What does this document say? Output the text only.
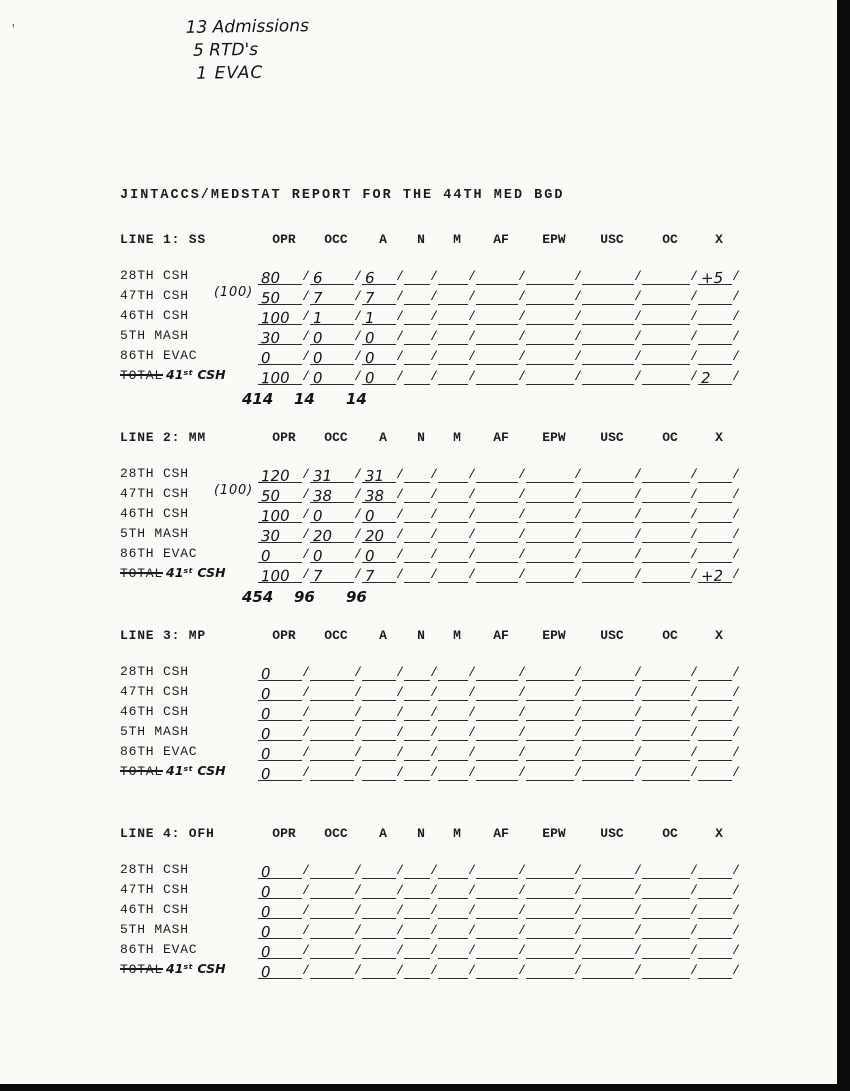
'	13 Admissions
5 RTD's
1 EVAC
JINTACCS/MEDSTAT REPORT FOR THE 44TH MED BGD
LINE 1: SS	OPR	OCC	A	N	M	AF	EPW	USC	OC	X
28TH CSH	80 / 6 / 6 / / /	/	/	/	/ +5 /
47TH CSH (100) 50 / 7 / 7 / / /	/	/	/	/	/
46TH CSH	100 / 1 / 1 / / /	/	/	/	/	/
5TH MASH	30 / 0 / 0 / / /	/	/	/	/	/
86TH EVAC	0 / 0 / 0 / / /	/	/	/	/	/
TOTAL 41ˢᵗ CSH	100 / 0 / 0 / / /	/	/	/	/ 2 /
414	14	14
LINE 2: MM	OPR	OCC	A	N	M	AF	EPW	USC	OC	X
28TH CSH	120 / 31 / 31 / / /	/	/	/	/	/
47TH CSH (100) 50 / 38 / 38 / / /	/	/	/	/	/
46TH CSH	100 / 0 / 0 / / /	/	/	/	/	/
5TH MASH	30 / 20 / 20 / / /	/	/	/	/	/
86TH EVAC	0 / 0 / 0 / / /	/	/	/	/	/
TOTAL 41ˢᵗ CSH	100 / 7 / 7 / / /	/	/	/	/ +2 /
454	96	96
LINE 3: MP	OPR	OCC	A	N	M	AF	EPW	USC	OC	X
28TH CSH	0 /	/	/ / /	/	/	/	/	/
47TH CSH	0 /	/	/ / /	/	/	/	/	/
46TH CSH	0 /	/	/ / /	/	/	/	/	/
5TH MASH	0 /	/	/ / /	/	/	/	/	/
86TH EVAC	0 /	/	/ / /	/	/	/	/	/
TOTAL 41ˢᵗ CSH	0 /	/	/ / /	/	/	/	/	/
LINE 4: OFH	OPR	OCC	A	N	M	AF	EPW	USC	OC	X
28TH CSH	0 /	/	/ / /	/	/	/	/	/
47TH CSH	0 /	/	/ / /	/	/	/	/	/
46TH CSH	0 /	/	/ / /	/	/	/	/	/
5TH MASH	0 /	/	/ / /	/	/	/	/	/
86TH EVAC	0 /	/	/ / /	/	/	/	/	/
TOTAL 41ˢᵗ CSH	0 /	/	/ / /	/	/	/	/	/
